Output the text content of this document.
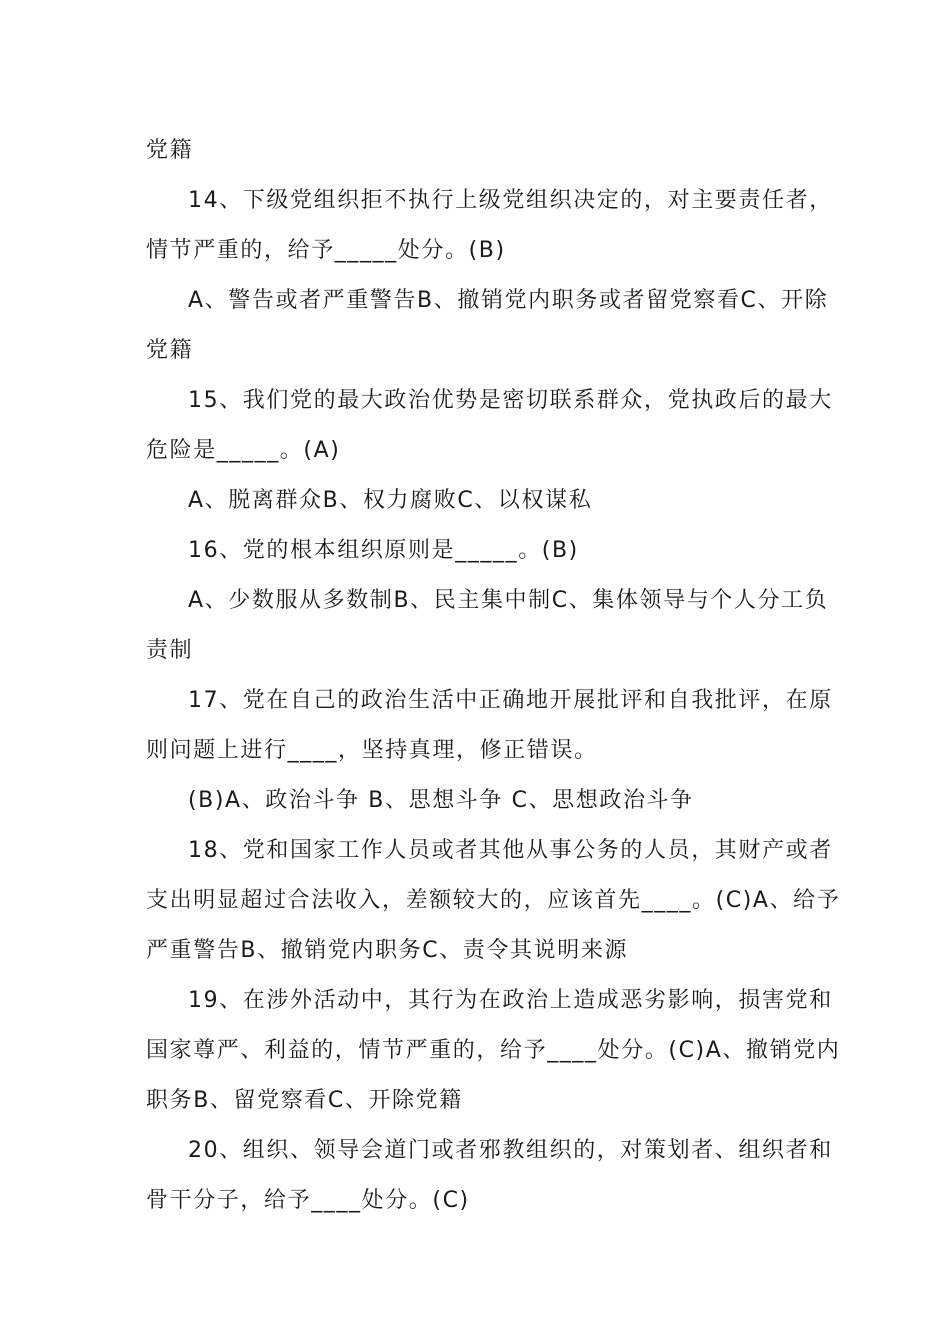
党籍
14、下级党组织拒不执行上级党组织决定的，对主要责任者，
情节严重的，给予_____处分。(B)
A、警告或者严重警告B、撤销党内职务或者留党察看C、开除
党籍
15、我们党的最大政治优势是密切联系群众，党执政后的最大
危险是_____。(A)
A、脱离群众B、权力腐败C、以权谋私
16、党的根本组织原则是_____。(B)
A、少数服从多数制B、民主集中制C、集体领导与个人分工负
责制
17、党在自己的政治生活中正确地开展批评和自我批评，在原
则问题上进行____，坚持真理，修正错误。
(B)A、政治斗争 B、思想斗争 C、思想政治斗争
18、党和国家工作人员或者其他从事公务的人员，其财产或者
支出明显超过合法收入，差额较大的，应该首先____。(C)A、给予
严重警告B、撤销党内职务C、责令其说明来源
19、在涉外活动中，其行为在政治上造成恶劣影响，损害党和
国家尊严、利益的，情节严重的，给予____处分。(C)A、撤销党内
职务B、留党察看C、开除党籍
20、组织、领导会道门或者邪教组织的，对策划者、组织者和
骨干分子，给予____处分。(C)
